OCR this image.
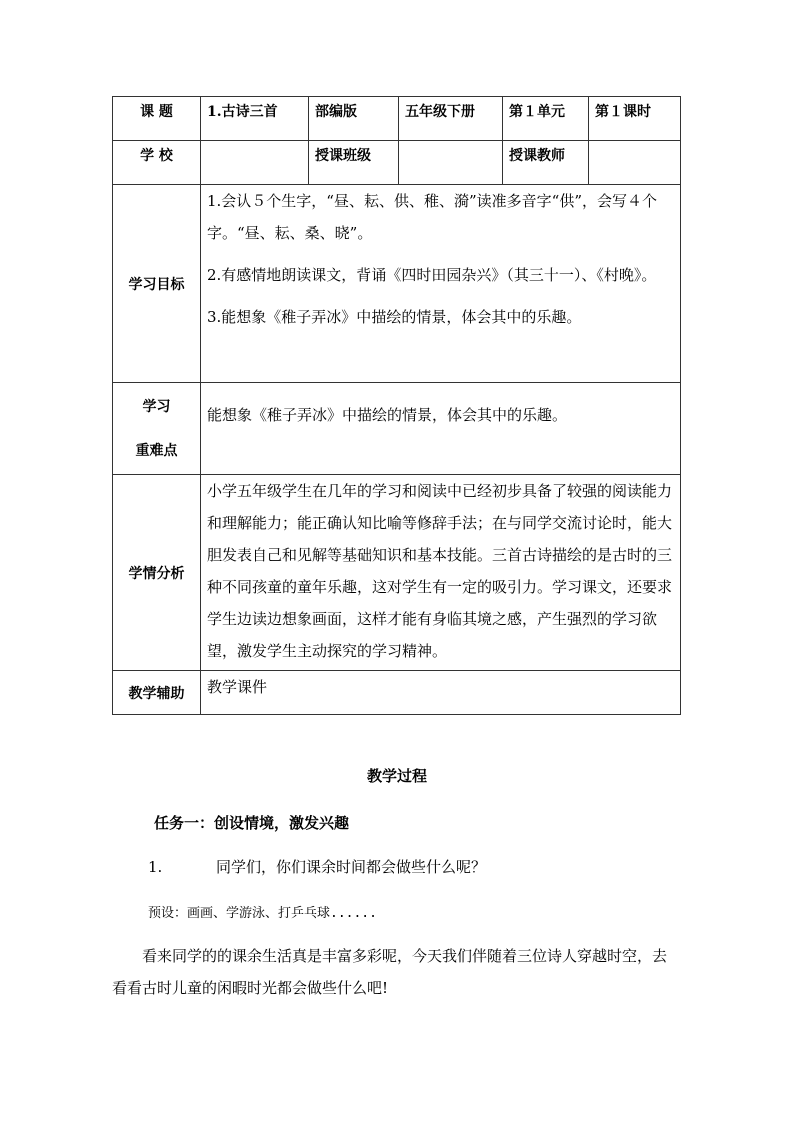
课 题	1.古诗三首	部编版	五年级下册	第１单元	第１课时
学 校		授课班级		授课教师	
学习目标	1.会认５个生字，“昼、耘、供、稚、漪”读准多音字“供”，会写４个字。“昼、耘、桑、晓”。

2.有感情地朗读课文，背诵《四时田园杂兴》（其三十一）、《村晚》。

3.能想象《稚子弄冰》中描绘的情景，体会其中的乐趣。				

学习
重难点	能想象《稚子弄冰》中描绘的情景，体会其中的乐趣。				
学情分析	小学五年级学生在几年的学习和阅读中已经初步具备了较强的阅读能力和理解能力；能正确认知比喻等修辞手法；在与同学交流讨论时，能大胆发表自己和见解等基础知识和基本技能。三首古诗描绘的是古时的三种不同孩童的童年乐趣，这对学生有一定的吸引力。学习课文，还要求学生边读边想象画面，这样才能有身临其境之感，产生强烈的学习欲望，激发学生主动探究的学习精神。				
教学辅助	教学课件				
教学过程
任务一：创设情境，激发兴趣
1.	同学们，你们课余时间都会做些什么呢？
预设：画画、学游泳、打乒乓球......

看来同学的的课余生活真是丰富多彩呢，今天我们伴随着三位诗人穿越时空，去看看古时儿童的闲暇时光都会做些什么吧!
